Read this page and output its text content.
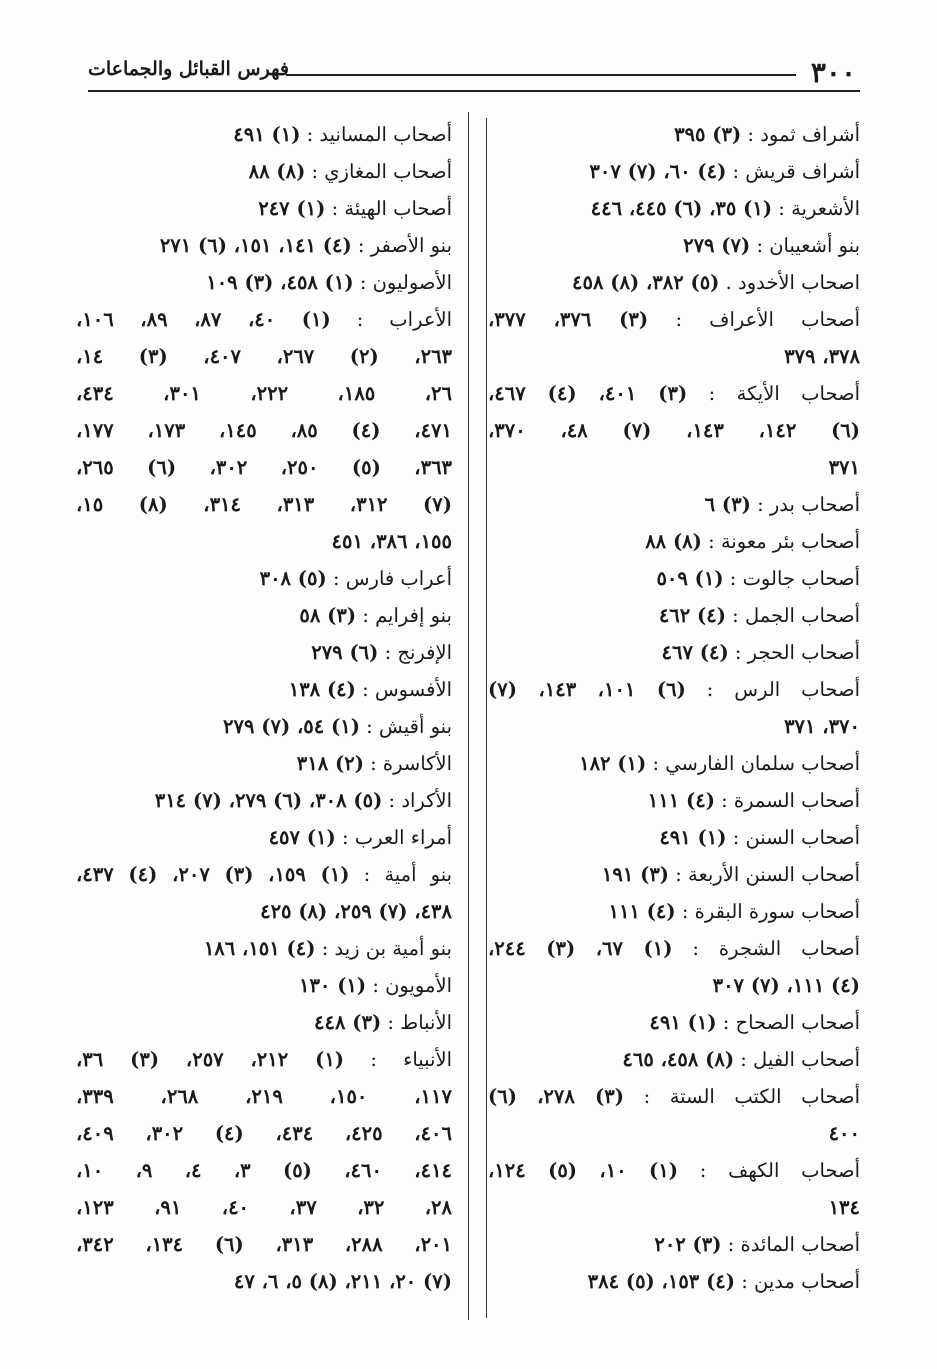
فهرس القبائل والجماعات	٣٠٠
أشراف ثمود : (٣) ٣٩٥
أشراف قريش : (٤) ٦٠، (٧) ٣٠٧
الأشعرية : (١) ٣٥، (٦) ٤٤٥، ٤٤٦
بنو أشعيبان : (٧) ٢٧٩
اصحاب الأخدود . (٥) ٣٨٢، (٨) ٤٥٨
أصحاب الأعراف : (٣) ٣٧٦، ٣٧٧،
٣٧٨، ٣٧٩
أصحاب الأيكة : (٣) ٤٠١، (٤) ٤٦٧،
(٦) ١٤٢، ١٤٣، (٧) ٤٨، ٣٧٠،
٣٧١
أصحاب بدر : (٣) ٦
أصحاب بئر معونة : (٨) ٨٨
أصحاب جالوت : (١) ٥٠٩
أصحاب الجمل : (٤) ٤٦٢
أصحاب الحجر : (٤) ٤٦٧
أصحاب الرس : (٦) ١٠١، ١٤٣، (٧)
٣٧٠، ٣٧١
أصحاب سلمان الفارسي : (١) ١٨٢
أصحاب السمرة : (٤) ١١١
أصحاب السنن : (١) ٤٩١
أصحاب السنن الأربعة : (٣) ١٩١
أصحاب سورة البقرة : (٤) ١١١
أصحاب الشجرة : (١) ٦٧، (٣) ٢٤٤،
(٤) ١١١، (٧) ٣٠٧
أصحاب الصحاح : (١) ٤٩١
أصحاب الفيل : (٨) ٤٥٨، ٤٦٥
أصحاب الكتب الستة : (٣) ٢٧٨، (٦)
٤٠٠
أصحاب الكهف : (١) ١٠، (٥) ١٢٤،
١٣٤
أصحاب المائدة : (٣) ٢٠٢
أصحاب مدين : (٤) ١٥٣، (٥) ٣٨٤
أصحاب المسانيد : (١) ٤٩١
أصحاب المغازي : (٨) ٨٨
أصحاب الهيئة : (١) ٢٤٧
بنو الأصفر : (٤) ١٤١، ١٥١، (٦) ٢٧١
الأصوليون : (١) ٤٥٨، (٣) ١٠٩
الأعراب : (١) ٤٠، ٨٧، ٨٩، ١٠٦،
٢٦٣، (٢) ٢٦٧، ٤٠٧، (٣) ١٤،
٢٦، ١٨٥، ٢٢٢، ٣٠١، ٤٣٤،
٤٧١، (٤) ٨٥، ١٤٥، ١٧٣، ١٧٧،
٣٦٣، (٥) ٢٥٠، ٣٠٢، (٦) ٢٦٥،
(٧) ٣١٢، ٣١٣، ٣١٤، (٨) ١٥،
١٥٥، ٣٨٦، ٤٥١
أعراب فارس : (٥) ٣٠٨
بنو إفرايم : (٣) ٥٨
الإفرنج : (٦) ٢٧٩
الأفسوس : (٤) ١٣٨
بنو أقيش : (١) ٥٤، (٧) ٢٧٩
الأكاسرة : (٢) ٣١٨
الأكراد : (٥) ٣٠٨، (٦) ٢٧٩، (٧) ٣١٤
أمراء العرب : (١) ٤٥٧
بنو أمية : (١) ١٥٩، (٣) ٢٠٧، (٤) ٤٣٧،
٤٣٨، (٧) ٢٥٩، (٨) ٤٢٥
بنو أمية بن زيد : (٤) ١٥١، ١٨٦
الأمويون : (١) ١٣٠
الأنباط : (٣) ٤٤٨
الأنبياء : (١) ٢١٢، ٢٥٧، (٣) ٣٦،
١١٧، ١٥٠، ٢١٩، ٢٦٨، ٣٣٩،
٤٠٦، ٤٢٥، ٤٣٤، (٤) ٣٠٢، ٤٠٩،
٤١٤، ٤٦٠، (٥) ٣، ٤، ٩، ١٠،
٢٨، ٣٢، ٣٧، ٤٠، ٩١، ١٢٣،
٢٠١، ٢٨٨، ٣١٣، (٦) ١٣٤، ٣٤٢،
(٧) ٢٠، ٢١١، (٨) ٥، ٦، ٤٧
